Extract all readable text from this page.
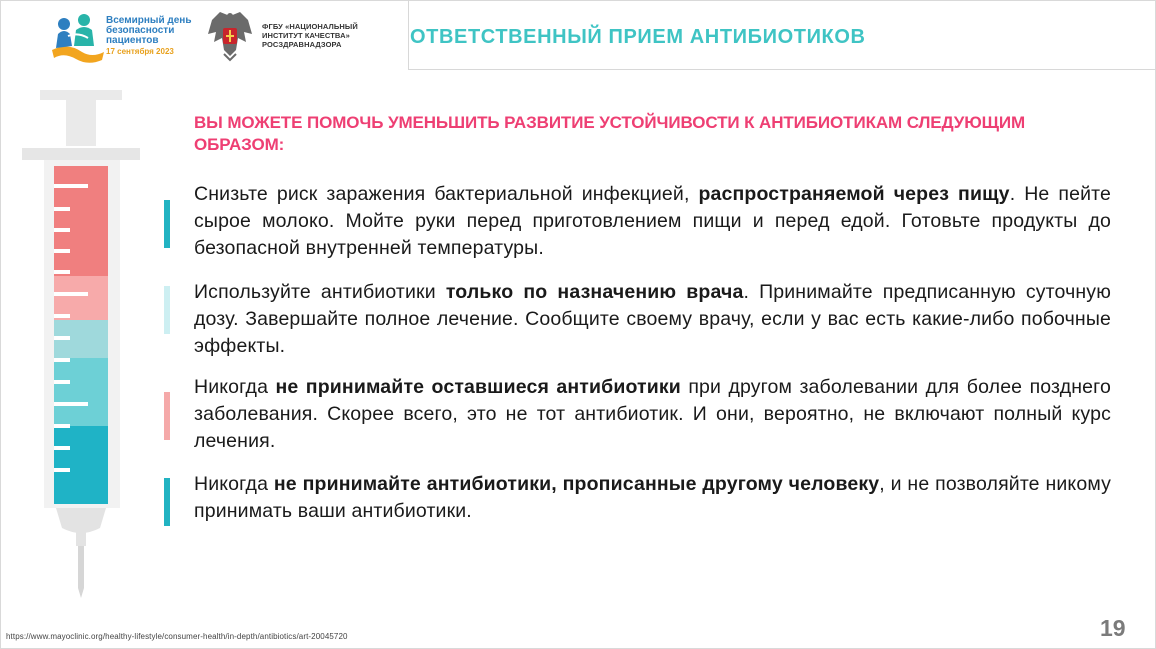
Всемирный день
безопасности
пациентов
17 сентября 2023
ФГБУ «НАЦИОНАЛЬНЫЙ
ИНСТИТУТ КАЧЕСТВА»
РОСЗДРАВНАДЗОРА	ОТВЕТСТВЕННЫЙ ПРИЕМ АНТИБИОТИКОВ
ВЫ МОЖЕТЕ ПОМОЧЬ УМЕНЬШИТЬ РАЗВИТИЕ УСТОЙЧИВОСТИ К АНТИБИОТИКАМ СЛЕДУЮЩИМ ОБРАЗОМ:
Снизьте риск заражения бактериальной инфекцией, распространяемой через пищу. Не пейте сырое молоко. Мойте руки перед приготовлением пищи и перед едой. Готовьте продукты до безопасной внутренней температуры.
Используйте антибиотики только по назначению врача. Принимайте предписанную суточную дозу. Завершайте полное лечение. Сообщите своему врачу, если у вас есть какие-либо побочные эффекты.
Никогда не принимайте оставшиеся антибиотики при другом заболевании для более позднего заболевания. Скорее всего, это не тот антибиотик. И они, вероятно, не включают полный курс лечения.
Никогда не принимайте антибиотики, прописанные другому человеку, и не позволяйте никому принимать ваши антибиотики.
https://www.mayoclinic.org/healthy-lifestyle/consumer-health/in-depth/antibiotics/art-20045720	19
